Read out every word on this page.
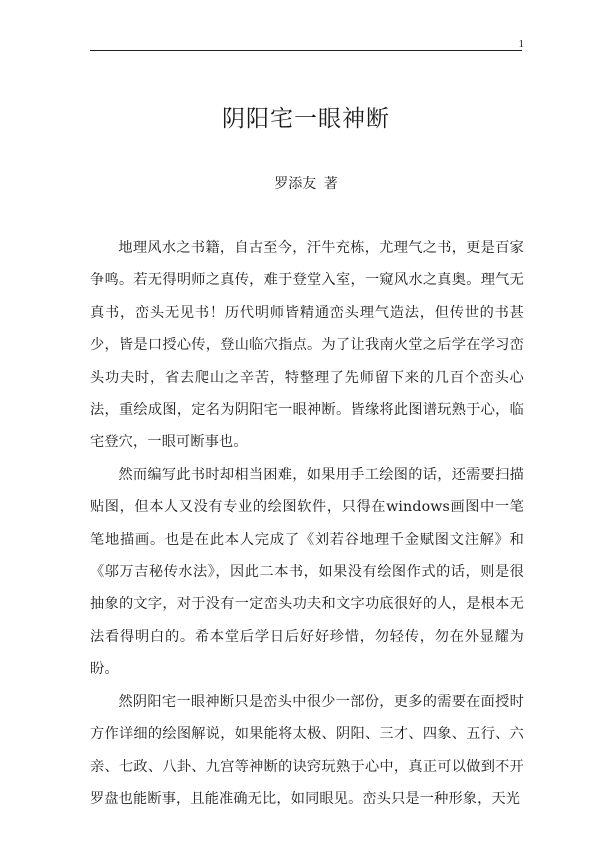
1
阴阳宅一眼神断
罗添友 著

地理风水之书籍，自古至今，汗牛充栋，尤理气之书，更是百家争鸣。若无得明师之真传，难于登堂入室，一窥风水之真奥。理气无真书，峦头无见书！历代明师皆精通峦头理气造法，但传世的书甚少，皆是口授心传，登山临穴指点。为了让我南火堂之后学在学习峦头功夫时，省去爬山之辛苦，特整理了先师留下来的几百个峦头心法，重绘成图，定名为阴阳宅一眼神断。皆缘将此图谱玩熟于心，临宅登穴，一眼可断事也。

然而编写此书时却相当困难，如果用手工绘图的话，还需要扫描贴图，但本人又没有专业的绘图软件，只得在windows画图中一笔笔地描画。也是在此本人完成了《刘若谷地理千金赋图文注解》和《邬万吉秘传水法》，因此二本书，如果没有绘图作式的话，则是很抽象的文字，对于没有一定峦头功夫和文字功底很好的人，是根本无法看得明白的。希本堂后学日后好好珍惜，勿轻传，勿在外显耀为盼。

然阴阳宅一眼神断只是峦头中很少一部份，更多的需要在面授时方作详细的绘图解说，如果能将太极、阴阳、三才、四象、五行、六亲、七政、八卦、九宫等神断的诀窍玩熟于心中，真正可以做到不开罗盘也能断事，且能准确无比，如同眼见。峦头只是一种形象，天光
